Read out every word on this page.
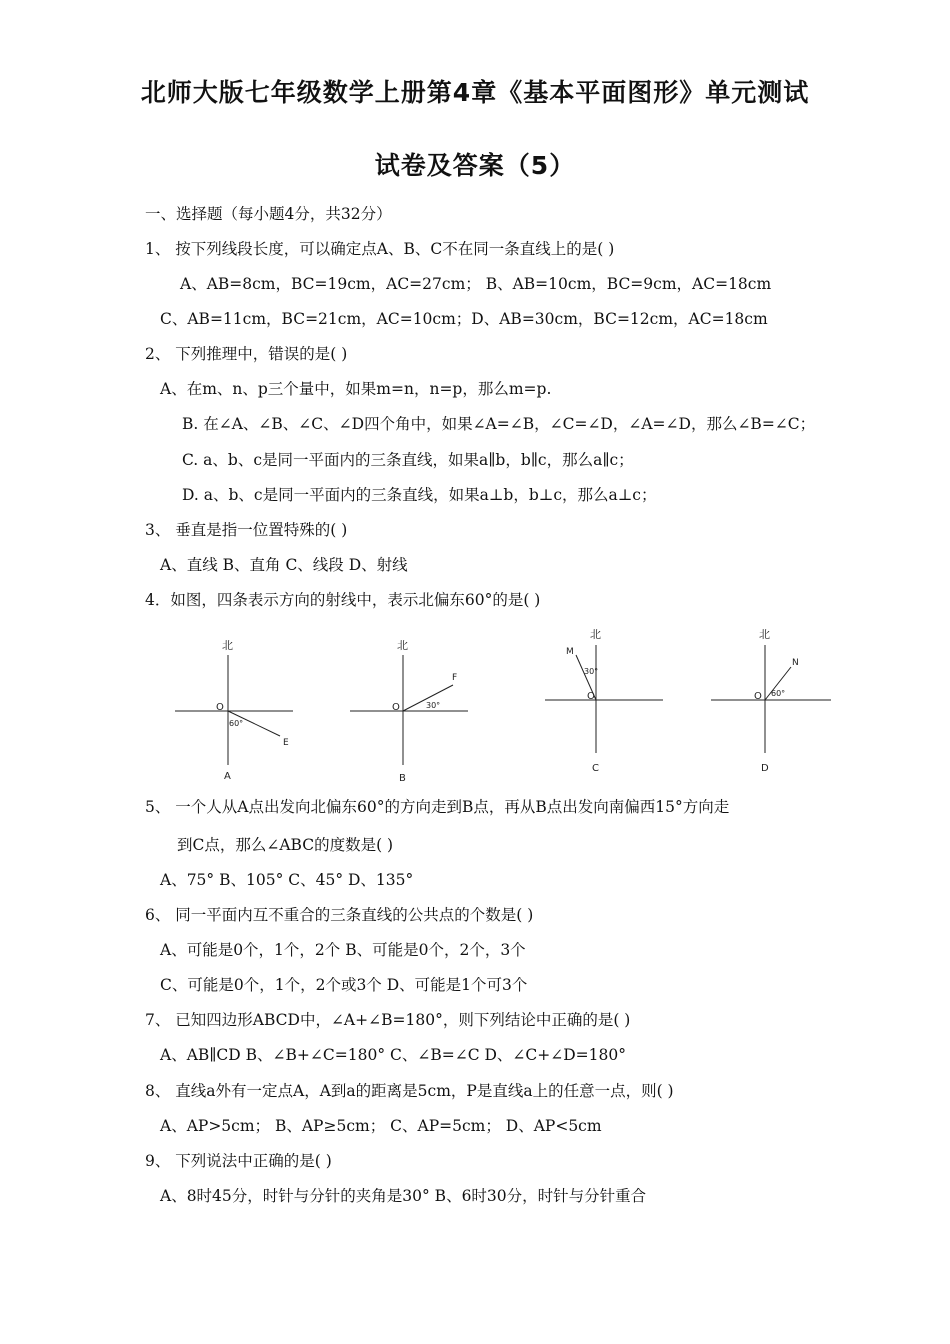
北师大版七年级数学上册第4章《基本平面图形》单元测试
试卷及答案（5）
一、选择题（每小题4分，共32分）
1、 按下列线段长度，可以确定点A、B、C不在同一条直线上的是( )
A、AB=8cm，BC=19cm，AC=27cm； B、AB=10cm，BC=9cm，AC=18cm
C、AB=11cm，BC=21cm，AC=10cm；D、AB=30cm，BC=12cm，AC=18cm
2、 下列推理中，错误的是( )
A、在m、n、p三个量中，如果m=n，n=p，那么m=p.
B. 在∠A、∠B、∠C、∠D四个角中，如果∠A=∠B，∠C=∠D，∠A=∠D，那么∠B=∠C；
C. a、b、c是同一平面内的三条直线，如果a∥b，b∥c，那么a∥c；
D. a、b、c是同一平面内的三条直线，如果a⊥b，b⊥c，那么a⊥c；
3、 垂直是指一位置特殊的( )
A、直线 B、直角 C、线段 D、射线
4．如图，四条表示方向的射线中，表示北偏东60°的是( )
北
O
60°
E
A
北
O	30°
F
B
北
O
30°
M
C
北
O 60°
N
D
5、 一个人从A点出发向北偏东60°的方向走到B点，再从B点出发向南偏西15°方向走
到C点，那么∠ABC的度数是( )
A、75° B、105° C、45° D、135°
6、 同一平面内互不重合的三条直线的公共点的个数是( )
A、可能是0个，1个，2个 B、可能是0个，2个，3个
C、可能是0个，1个，2个或3个 D、可能是1个可3个
7、 已知四边形ABCD中，∠A+∠B=180°，则下列结论中正确的是( )
A、AB∥CD B、∠B+∠C=180° C、∠B=∠C D、∠C+∠D=180°
8、 直线a外有一定点A，A到a的距离是5cm，P是直线a上的任意一点，则( )
A、AP>5cm； B、AP≥5cm； C、AP=5cm； D、AP<5cm
9、 下列说法中正确的是( )
A、8时45分，时针与分针的夹角是30° B、6时30分，时针与分针重合
